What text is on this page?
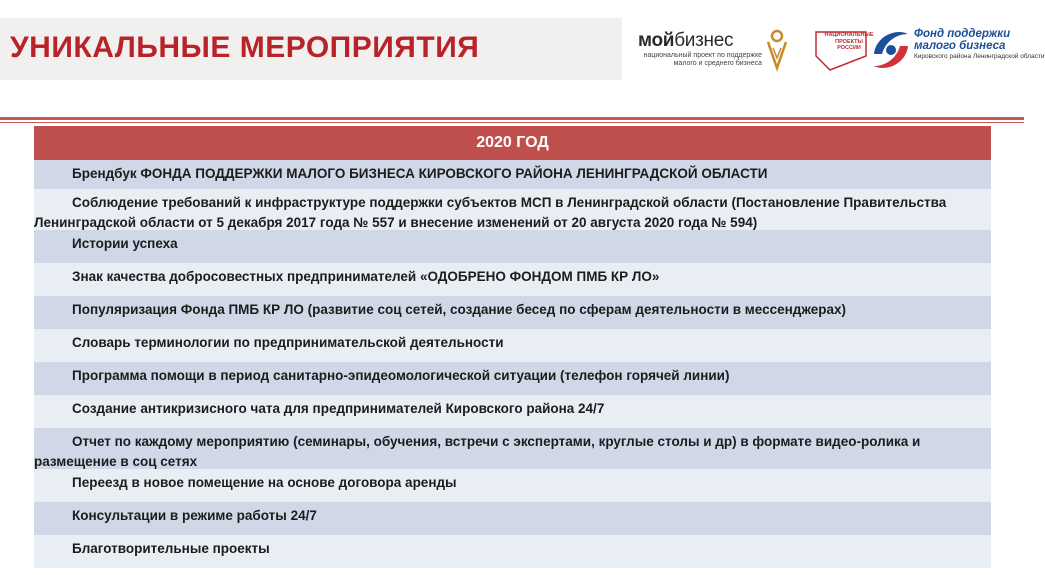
УНИКАЛЬНЫЕ МЕРОПРИЯТИЯ	мойбизнес
национальный проект по поддержке
малого и среднего бизнеса
НАЦИОНАЛЬНЫЕ
ПРОЕКТЫ
РОССИИ
Фонд поддержки
малого бизнеса
Кировского района Ленинградской области
2020 ГОД
Брендбук ФОНДА ПОДДЕРЖКИ МАЛОГО БИЗНЕСА КИРОВСКОГО РАЙОНА ЛЕНИНГРАДСКОЙ ОБЛАСТИ
Соблюдение требований к инфраструктуре поддержки субъектов МСП в Ленинградской области (Постановление Правительства Ленинградской области от 5 декабря 2017 года № 557 и внесение изменений от 20 августа 2020 года № 594)
Истории успеха
Знак качества добросовестных предпринимателей «ОДОБРЕНО ФОНДОМ ПМБ КР ЛО»
Популяризация Фонда ПМБ КР ЛО (развитие соц сетей, создание бесед по сферам деятельности в мессенджерах)
Словарь терминологии по предпринимательской деятельности
Программа помощи в период санитарно-эпидеомологической ситуации (телефон горячей линии)
Создание антикризисного чата для предпринимателей Кировского района 24/7
Отчет по каждому мероприятию (семинары, обучения, встречи с экспертами, круглые столы и др) в формате видео-ролика и размещение в соц сетях
Переезд в новое помещение на основе договора аренды
Консультации в режиме работы 24/7
Благотворительные проекты
